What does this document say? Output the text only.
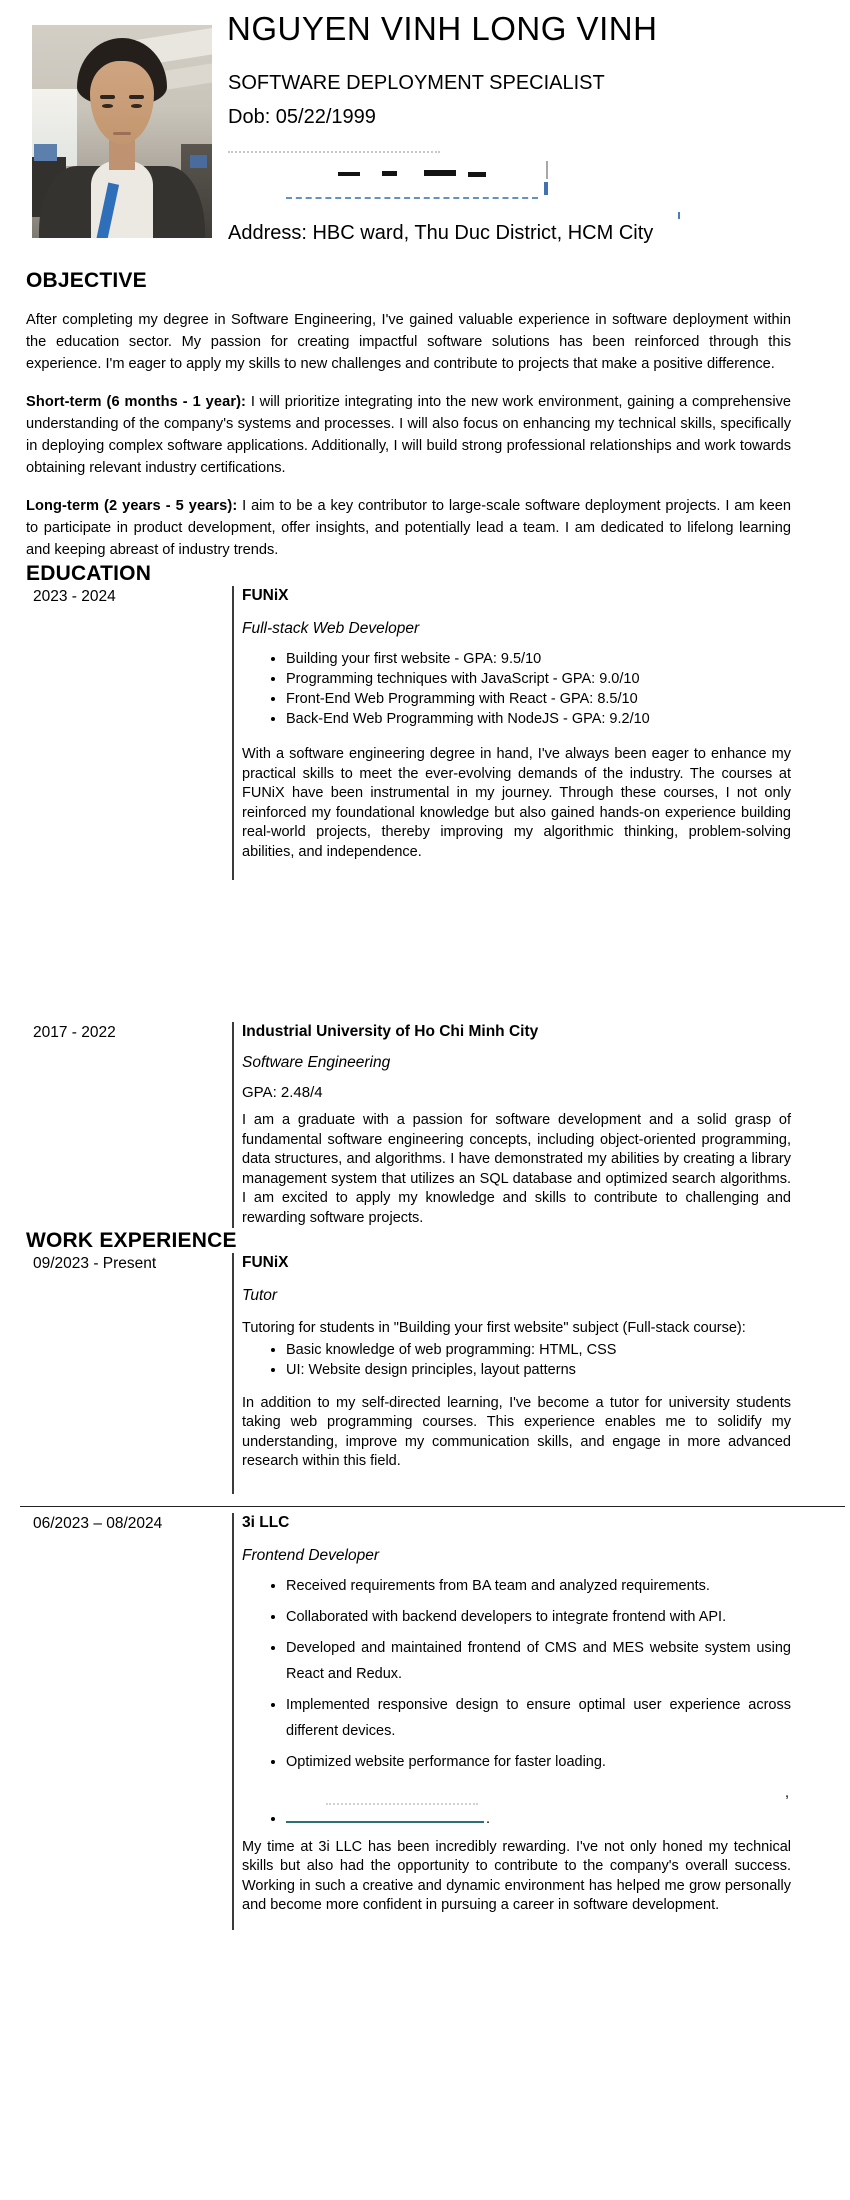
NGUYEN VINH LONG VINH
SOFTWARE DEPLOYMENT SPECIALIST
Dob: 05/22/1999
Address: HBC ward, Thu Duc District, HCM City
OBJECTIVE

After completing my degree in Software Engineering, I've gained valuable experience in software deployment within the education sector. My passion for creating impactful software solutions has been reinforced through this experience. I'm eager to apply my skills to new challenges and contribute to projects that make a positive difference.

Short-term (6 months - 1 year): I will prioritize integrating into the new work environment, gaining a comprehensive understanding of the company's systems and processes. I will also focus on enhancing my technical skills, specifically in deploying complex software applications. Additionally, I will build strong professional relationships and work towards obtaining relevant industry certifications.

Long-term (2 years - 5 years): I aim to be a key contributor to large-scale software deployment projects. I am keen to participate in product development, offer insights, and potentially lead a team. I am dedicated to lifelong learning and keeping abreast of industry trends.

EDUCATION
2023 - 2024	FUNiX
Full-stack Web Developer
• Building your first website - GPA: 9.5/10
• Programming techniques with JavaScript - GPA: 9.0/10
• Front-End Web Programming with React - GPA: 8.5/10
• Back-End Web Programming with NodeJS - GPA: 9.2/10

With a software engineering degree in hand, I've always been eager to enhance my practical skills to meet the ever-evolving demands of the industry. The courses at FUNiX have been instrumental in my journey. Through these courses, I not only reinforced my foundational knowledge but also gained hands-on experience building real-world projects, thereby improving my algorithmic thinking, problem-solving abilities, and independence.

2017 - 2022	Industrial University of Ho Chi Minh City
Software Engineering
GPA: 2.48/4

I am a graduate with a passion for software development and a solid grasp of fundamental software engineering concepts, including object-oriented programming, data structures, and algorithms. I have demonstrated my abilities by creating a library management system that utilizes an SQL database and optimized search algorithms. I am excited to apply my knowledge and skills to contribute to challenging and rewarding software projects.

WORK EXPERIENCE
09/2023 - Present	FUNiX
Tutor

Tutoring for students in "Building your first website" subject (Full-stack course):

• Basic knowledge of web programming: HTML, CSS
• UI: Website design principles, layout patterns

In addition to my self-directed learning, I've become a tutor for university students taking web programming courses. This experience enables me to solidify my understanding, improve my communication skills, and engage in more advanced research within this field.

06/2023 – 08/2024	3i LLC
Frontend Developer
• Received requirements from BA team and analyzed requirements.
• Collaborated with backend developers to integrate frontend with API.
• Developed and maintained frontend of CMS and MES website system using React and Redux.
• Implemented responsive design to ensure optimal user experience across different devices.
• Optimized website performance for faster loading.
• ,
.

My time at 3i LLC has been incredibly rewarding. I've not only honed my technical skills but also had the opportunity to contribute to the company's overall success. Working in such a creative and dynamic environment has helped me grow personally and become more confident in pursuing a career in software development.
